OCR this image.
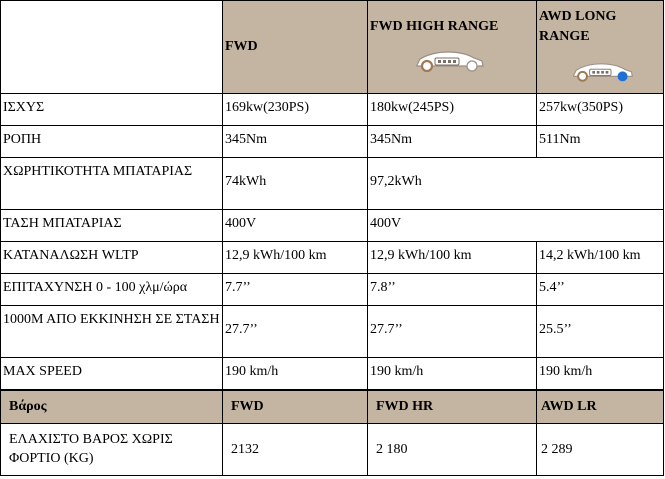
	FWD	FWD HIGH RANGE	AWD LONG RANGE

ΙΣΧΥΣ	169kw(230PS)	180kw(245PS)	257kw(350PS)
ΡΟΠΗ	345Nm	345Nm	511Nm
ΧΩΡΗΤΙΚΟΤΗΤΑ ΜΠΑΤΑΡΙΑΣ	74kWh	97,2kWh	
ΤΑΣΗ ΜΠΑΤΑΡΙΑΣ	400V	400V	
ΚΑΤΑΝΑΛΩΣΗ WLTP	12,9 kWh/100 km	12,9 kWh/100 km	14,2 kWh/100 km
ΕΠΙΤΑΧΥΝΣΗ 0 - 100 χλμ/ώρα	7.7’’	7.8’’	5.4’’
1000Μ ΑΠΟ ΕΚΚΙΝΗΣΗ ΣΕ ΣΤΑΣΗ	27.7’’	27.7’’	25.5’’
MAX SPEED	190 km/h	190 km/h	190 km/h
Βάρος	FWD	FWD HR	AWD LR
ΕΛΑΧΙΣΤΟ ΒΑΡΟΣ ΧΩΡΙΣ ΦΟΡΤΙΟ (KG)	2132	2 180	2 289
